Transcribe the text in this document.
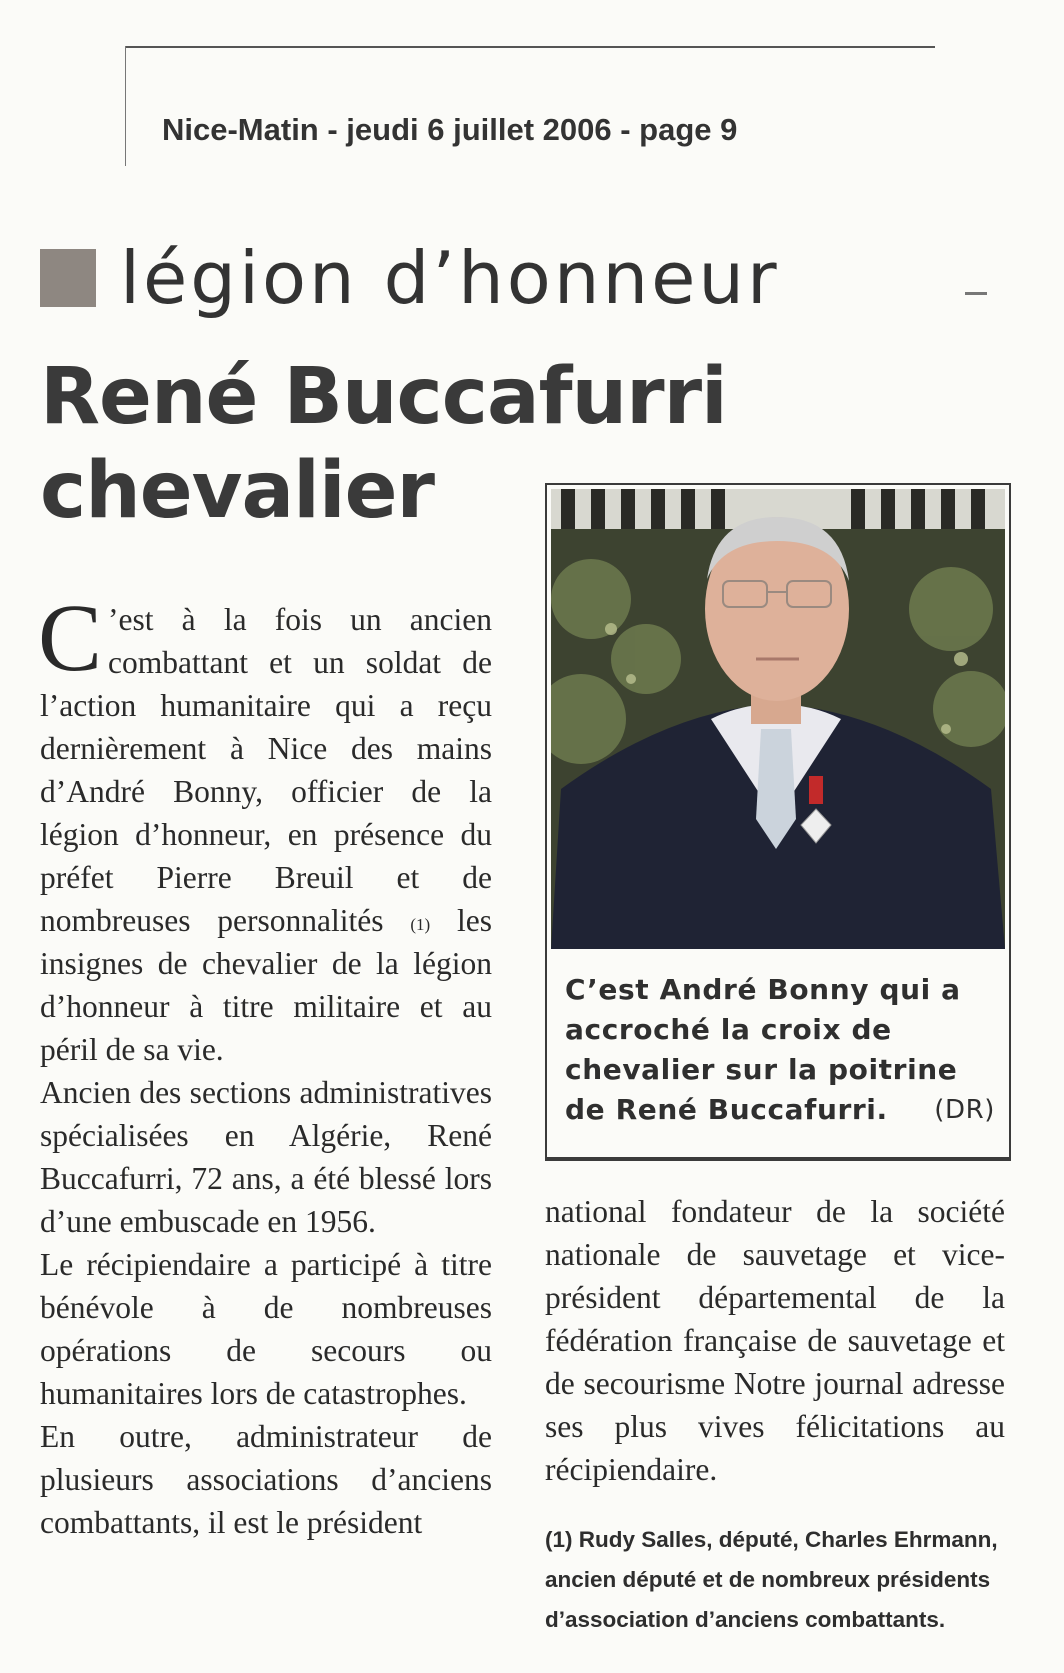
Nice-Matin - jeudi 6 juillet 2006 - page 9
légion d’honneur
René Buccafurri
chevalier

C ’est à la fois un ancien combattant et un soldat de l’action humanitaire qui a reçu dernièrement à Nice des mains d’André Bonny, officier de la légion d’honneur, en présence du préfet Pierre Breuil et de nombreuses personnalités $^{(1)}$ les insignes de chevalier de la légion d’honneur à titre militaire et au péril de sa vie.

Ancien des sections administratives spécialisées en Algérie, René Buccafurri, 72 ans, a été blessé lors d’une embuscade en 1956.

Le récipiendaire a participé à titre bénévole à de nombreuses opérations de secours ou humanitaires lors de catastrophes.

En outre, administrateur de plusieurs associations d’anciens combattants, il est le président

C’est André Bonny qui a accroché la croix de chevalier sur la poitrine de René Buccafurri. (DR)

national fondateur de la société nationale de sauvetage et vice-président départemental de la fédération française de sauvetage et de secourisme Notre journal adresse ses plus vives félicitations au récipiendaire.

(1) Rudy Salles, député, Charles Ehrmann, ancien député et de nombreux présidents d’association d’anciens combattants.
